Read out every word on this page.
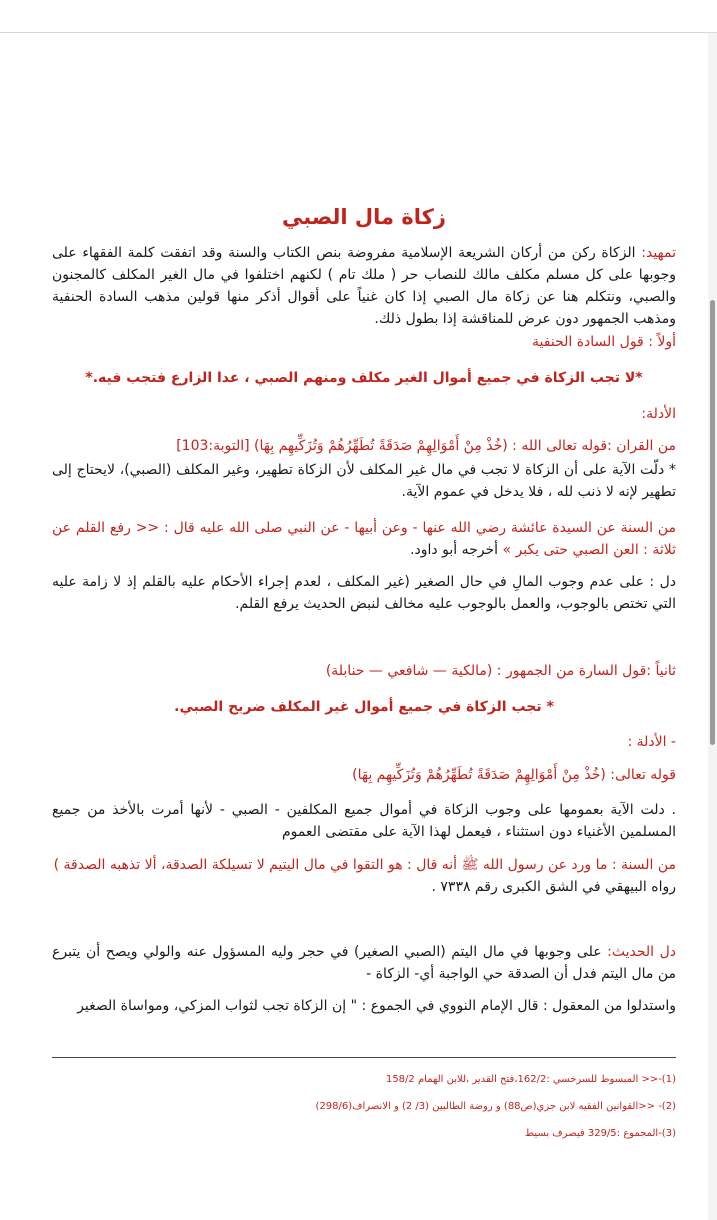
زكاة مال الصبي
تمهيد: الزكاة ركن من أركان الشريعة الإسلامية مفروضة بنص الكتاب والسنة وقد اتفقت كلمة الفقهاء على وجوبها على كل مسلم مكلف مالك للنصاب حر ( ملك تام ) لكنهم اختلفوا في مال الغير المكلف كالمجنون والصبي، ونتكلم هنا عن زكاة مال الصبي إذا كان غنياً على أقوال أذكر منها قولين مذهب السادة الحنفية ومذهب الجمهور دون عرض للمناقشة إذا بطول ذلك.
أولاً : قول السادة الحنفية
*لا تجب الزكاة في جميع أموال الغير مكلف ومنهم الصبي ، عدا الزارع فتجب فيه.*
الأدلة:
من القران :قوله تعالى الله : (خُذْ مِنْ أَمْوَالِهِمْ صَدَقَةً تُطَهِّرُهُمْ وَتُزَكِّيهِم بِهَا) [التوبة:103]
* دلّت الآية على أن الزكاة لا تجب في مال غير المكلف لأن الزكاة تطهير، وغير المكلف (الصبي)، لايحتاج إلى تطهير لإنه لا ذنب لله ، فلا يدخل في عموم الآية.
من السنة عن السيدة عائشة رضي الله عنها - وعن أبيها - عن النبي صلى الله عليه قال : << رفع القلم عن ثلاثة : العن الصبي حتى يكبر » أخرجه أبو داود.
دل : على عدم وجوب المالِ في حال الصغير (غير المكلف ، لعدم إجراء الأحكام عليه بالقلم إذ لا زامة عليه التي تختص بالوجوب، والعمل بالوجوب عليه مخالف لنبض الحديث يرفع القلم.
ثانياً :قول السارة من الجمهور : (مالكية — شافعي — حنابلة)
* تجب الزكاة في جميع أموال غير المكلف ضريح الصبي.
- الأدلة :
قوله تعالى: (خُذْ مِنْ أَمْوَالِهِمْ صَدَقَةً تُطَهِّرُهُمْ وَتُزَكِّيهِم بِهَا)
. دلت الآية بعمومها على وجوب الزكاة في أموال جميع المكلفين - الصبي - لأنها أمرت بالأخذ من جميع المسلمين الأغنياء دون استثناء ، فيعمل لهذا الآية على مقتضى العموم
من السنة : ما ورد عن رسول الله ﷺ أنه قال : هو التقوا في مال اليتيم لا تسيلكة الصدقة، ألا تذهبه الصدقة )
رواه البيهقي في الشق الكبرى رقم ٧٣٣٨ .
دل الحديث: على وجوبها في مال اليتم (الصبي الصغير) في حجر وليه المسؤول عنه والولي ويصح أن يتبرع من مال اليتم فدل أن الصدقة حي الواجبة أي- الزكاة -
واستدلوا من المعقول : قال الإمام النووي في الجموع : " إن الزكاة تجب لثواب المزكي، ومواساة الصغير
(1)-<< المبسوط للسرخسي :162/2،فتح القدير ،للابن الهمام 158/2
(2)- <<القوانين الفقيه لابن جزي(ص88) و روضة الطالبين (3/ 2) و الانصراف(298/6)
(3)-المجموع :329/5 فيصرف بسيط
